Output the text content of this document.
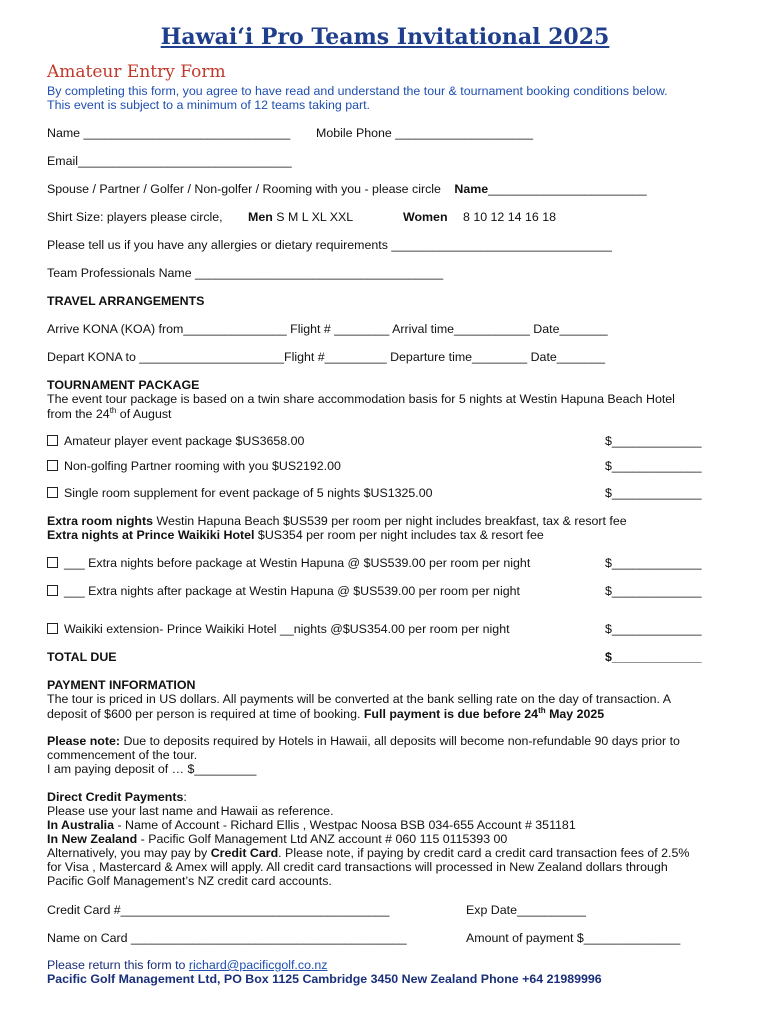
Hawai‘i Pro Teams Invitational 2025
Amateur Entry Form
By completing this form, you agree to have read and understand the tour & tournament booking conditions below.
This event is subject to a minimum of 12 teams taking part.
Name ______________________________ Mobile Phone ____________________
Email_______________________________
Spouse / Partner / Golfer / Non-golfer / Rooming with you - please circle Name_______________________
Shirt Size: players please circle, Men S M L XL XXL	Women 8 10 12 14 16 18
Please tell us if you have any allergies or dietary requirements ________________________________
Team Professionals Name ____________________________________
TRAVEL ARRANGEMENTS
Arrive KONA (KOA) from_______________ Flight # ________ Arrival time___________ Date_______
Depart KONA to _____________________Flight #_________ Departure time________ Date_______
TOURNAMENT PACKAGE
The event tour package is based on a twin share accommodation basis for 5 nights at Westin Hapuna Beach Hotel
from the 24th of August
Amateur player event package $US3658.00	$_____________
Non-golfing Partner rooming with you $US2192.00	$_____________
Single room supplement for event package of 5 nights $US1325.00	$_____________
Extra room nights Westin Hapuna Beach $US539 per room per night includes breakfast, tax & resort fee
Extra nights at Prince Waikiki Hotel $US354 per room per night includes tax & resort fee
___ Extra nights before package at Westin Hapuna @ $US539.00 per room per night	$_____________
___ Extra nights after package at Westin Hapuna @ $US539.00 per room per night	$_____________
Waikiki extension- Prince Waikiki Hotel __nights @$US354.00 per room per night	$_____________
TOTAL DUE	$_____________
PAYMENT INFORMATION
The tour is priced in US dollars. All payments will be converted at the bank selling rate on the day of transaction. A
deposit of $600 per person is required at time of booking. Full payment is due before 24th May 2025
Please note: Due to deposits required by Hotels in Hawaii, all deposits will become non-refundable 90 days prior to
commencement of the tour.
I am paying deposit of … $_________
Direct Credit Payments:
Please use your last name and Hawaii as reference.
In Australia - Name of Account - Richard Ellis , Westpac Noosa BSB 034-655 Account # 351181
In New Zealand - Pacific Golf Management Ltd ANZ account # 060 115 0115393 00
Alternatively, you may pay by Credit Card. Please note, if paying by credit card a credit card transaction fees of 2.5%
for Visa , Mastercard & Amex will apply. All credit card transactions will processed in New Zealand dollars through
Pacific Golf Management’s NZ credit card accounts.
Credit Card #_______________________________________	Exp Date__________
Name on Card ________________________________________	Amount of payment $______________
Please return this form to richard@pacificgolf.co.nz
Pacific Golf Management Ltd, PO Box 1125 Cambridge 3450 New Zealand Phone +64 21989996
